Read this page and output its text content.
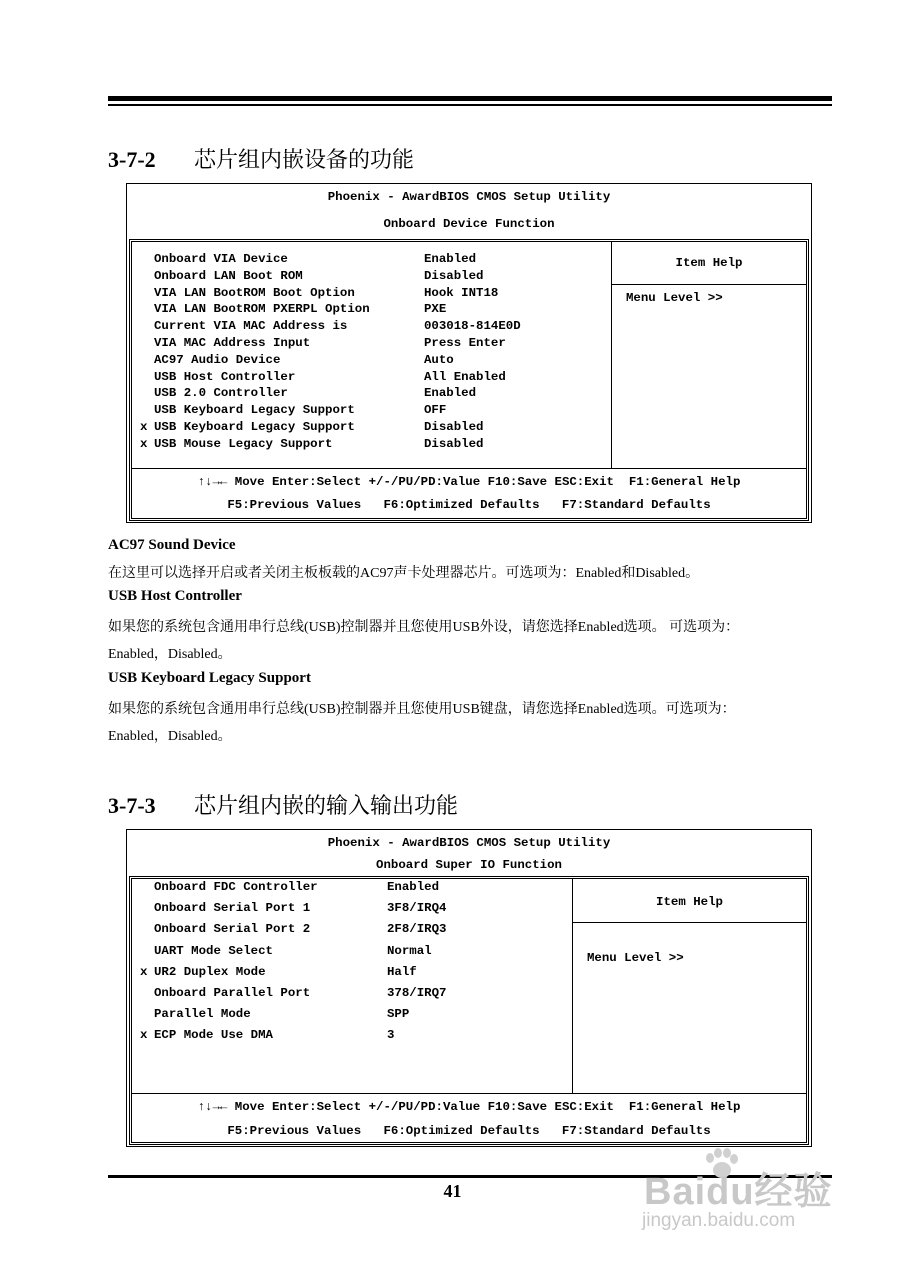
3-7-2 芯片组内嵌设备的功能
Phoenix - AwardBIOS CMOS Setup Utility
Onboard Device Function
Onboard VIA Device	Enabled
Onboard LAN Boot ROM	Disabled
VIA LAN BootROM Boot Option	Hook INT18
VIA LAN BootROM PXERPL Option	PXE
Current VIA MAC Address is	003018-814E0D
VIA MAC Address Input	Press Enter
AC97 Audio Device	Auto
USB Host Controller	All Enabled
USB 2.0 Controller	Enabled
USB Keyboard Legacy Support	OFF
x USB Keyboard Legacy Support	Disabled
x USB Mouse Legacy Support	Disabled
Item Help
Menu Level >>
↑↓→← Move Enter:Select +/-/PU/PD:Value F10:Save ESC:Exit  F1:General Help
F5:Previous Values   F6:Optimized Defaults   F7:Standard Defaults
AC97 Sound Device
在这里可以选择开启或者关闭主板板载的AC97声卡处理器芯片。可选项为：Enabled和Disabled。
USB Host Controller
如果您的系统包含通用串行总线(USB)控制器并且您使用USB外设，请您选择Enabled选项。 可选项为：
Enabled，Disabled。
USB Keyboard Legacy Support
如果您的系统包含通用串行总线(USB)控制器并且您使用USB键盘，请您选择Enabled选项。可选项为：
Enabled，Disabled。
3-7-3 芯片组内嵌的输入输出功能
Phoenix - AwardBIOS CMOS Setup Utility
Onboard Super IO Function
Onboard FDC Controller	Enabled
Onboard Serial Port 1	3F8/IRQ4
Onboard Serial Port 2	2F8/IRQ3
UART Mode Select	Normal
x UR2 Duplex Mode	Half
Onboard Parallel Port	378/IRQ7
Parallel Mode	SPP
x ECP Mode Use DMA	3
Item Help
Menu Level >>
↑↓→← Move Enter:Select +/-/PU/PD:Value F10:Save ESC:Exit  F1:General Help
F5:Previous Values   F6:Optimized Defaults   F7:Standard Defaults
41	Baidu经验
jingyan.baidu.com
